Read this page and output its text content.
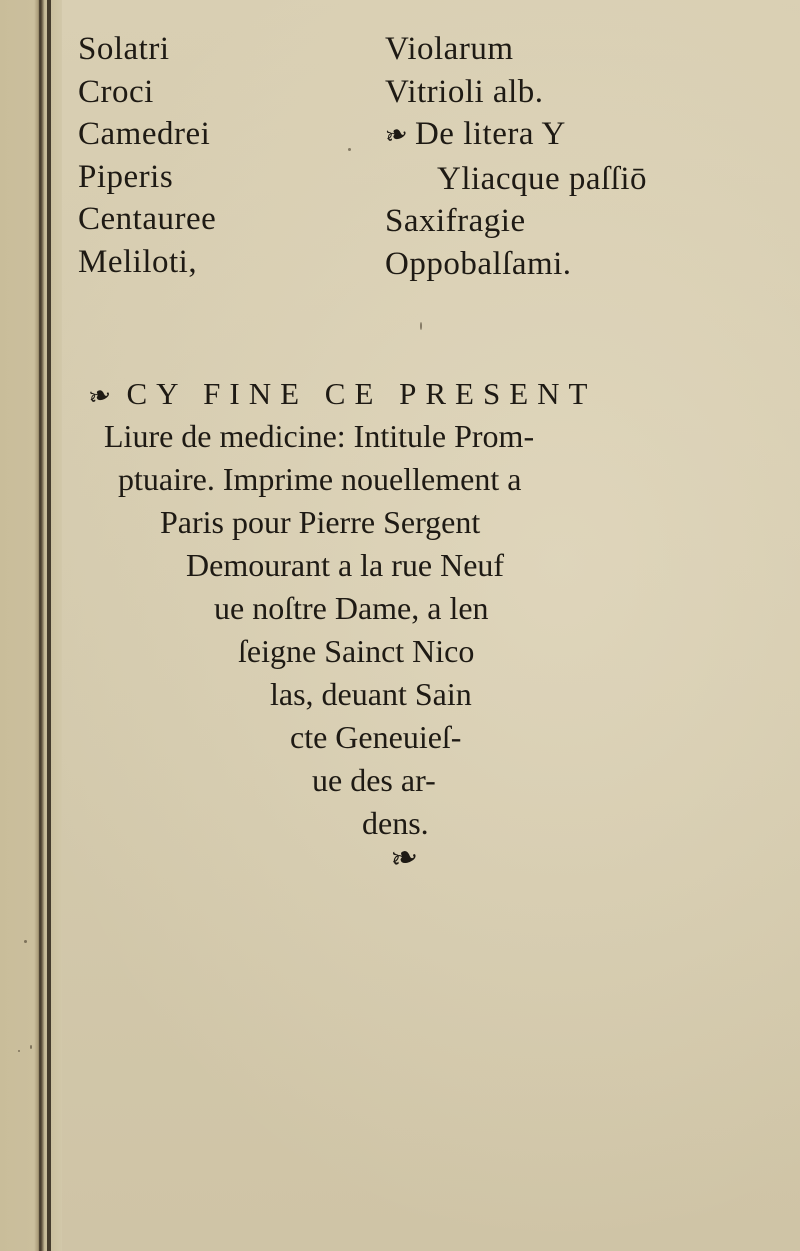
Solatri
Croci
Camedrei
Piperis
Centauree
Meliloti,
Violarum
Vitrioli alb.
❧De litera Y
Yliacque paſſiō
Saxifragie
Oppobalſami.
❧CY FINE CE PRESENT
Liure de medicine: Intitule Prom-
ptuaire. Imprime nouellement a
Paris pour Pierre Sergent
Demourant a la rue Neuf
ue noſtre Dame, a len
ſeigne Sainct Nico
las, deuant Sain
cte Geneuieſ-
ue des ar-
dens.
❧
